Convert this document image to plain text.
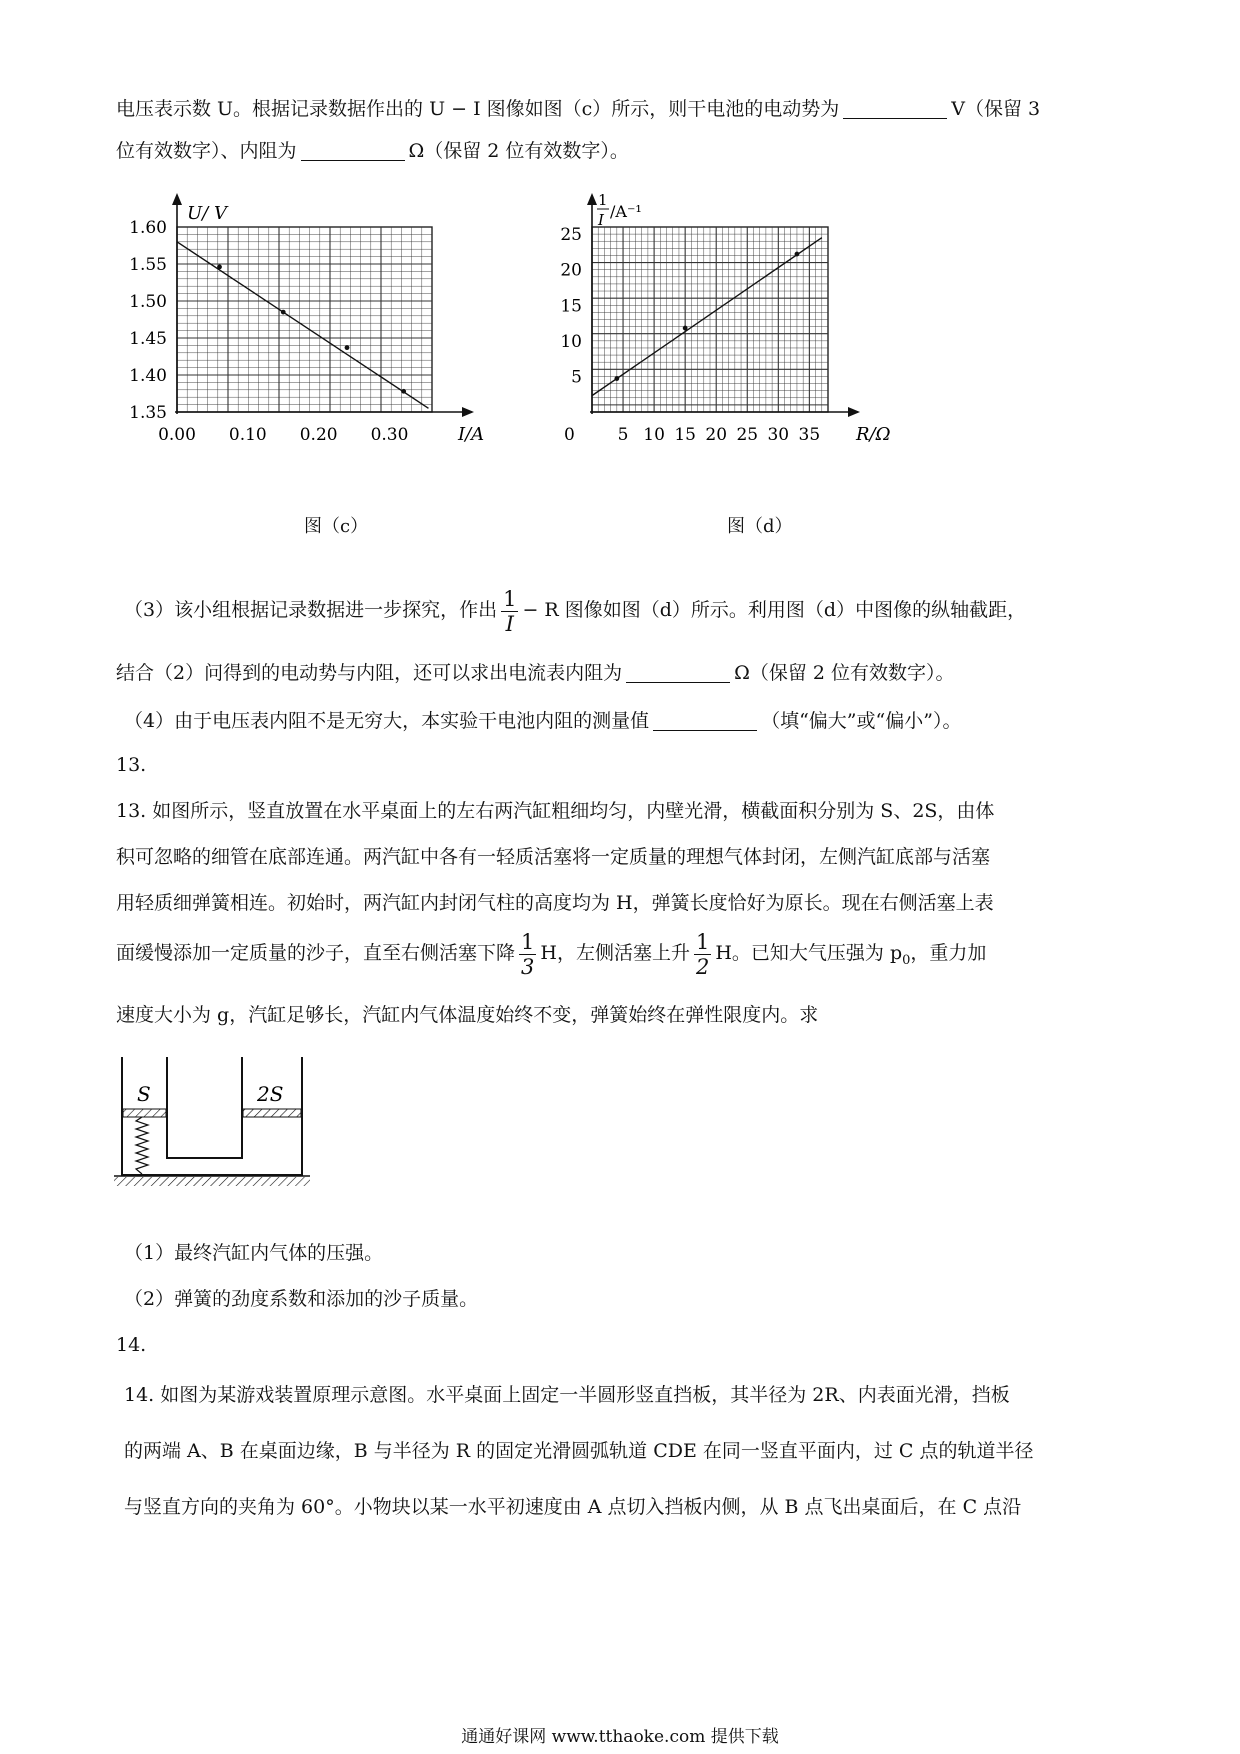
电压表示数 U。根据记录数据作出的 U − I 图像如图（c）所示，则干电池的电动势为	V（保留 3
位有效数字）、内阻为	Ω（保留 2 位有效数字）。
1.60
1.55
1.50
1.45
1.40
1.35
0.00 0.10 0.20 0.30
U/ V
I/A
图（c）
25
20
15
10
5
5 10 15 20 25 30 35
0
1
I /A⁻¹
R/Ω
图（d）
（3）该小组根据记录数据进一步探究，作出 $\frac{1}{I} - R$ 图像如图（d）所示。利用图（d）中图像的纵轴截距，
结合（2）问得到的电动势与内阻，还可以求出电流表内阻为	Ω（保留 2 位有效数字）。
（4）由于电压表内阻不是无穷大，本实验干电池内阻的测量值	（填“偏大”或“偏小”）。
13.
13. 如图所示，竖直放置在水平桌面上的左右两汽缸粗细均匀，内壁光滑，横截面积分别为 S、2S，由体
积可忽略的细管在底部连通。两汽缸中各有一轻质活塞将一定质量的理想气体封闭，左侧汽缸底部与活塞
用轻质细弹簧相连。初始时，两汽缸内封闭气柱的高度均为 H，弹簧长度恰好为原长。现在右侧活塞上表
面缓慢添加一定质量的沙子，直至右侧活塞下降 $\frac{1}{3}$ H，左侧活塞上升 $\frac{1}{2}$ H。已知大气压强为 $p_0$，重力加
速度大小为 g，汽缸足够长，汽缸内气体温度始终不变，弹簧始终在弹性限度内。求
S	2S
（1）最终汽缸内气体的压强。
（2）弹簧的劲度系数和添加的沙子质量。
14.
14. 如图为某游戏装置原理示意图。水平桌面上固定一半圆形竖直挡板，其半径为 2R、内表面光滑，挡板
的两端 A、B 在桌面边缘，B 与半径为 R 的固定光滑圆弧轨道 CDE 在同一竖直平面内，过 C 点的轨道半径
与竖直方向的夹角为 60°。小物块以某一水平初速度由 A 点切入挡板内侧，从 B 点飞出桌面后，在 C 点沿
通通好课网 www.tthaoke.com 提供下载
